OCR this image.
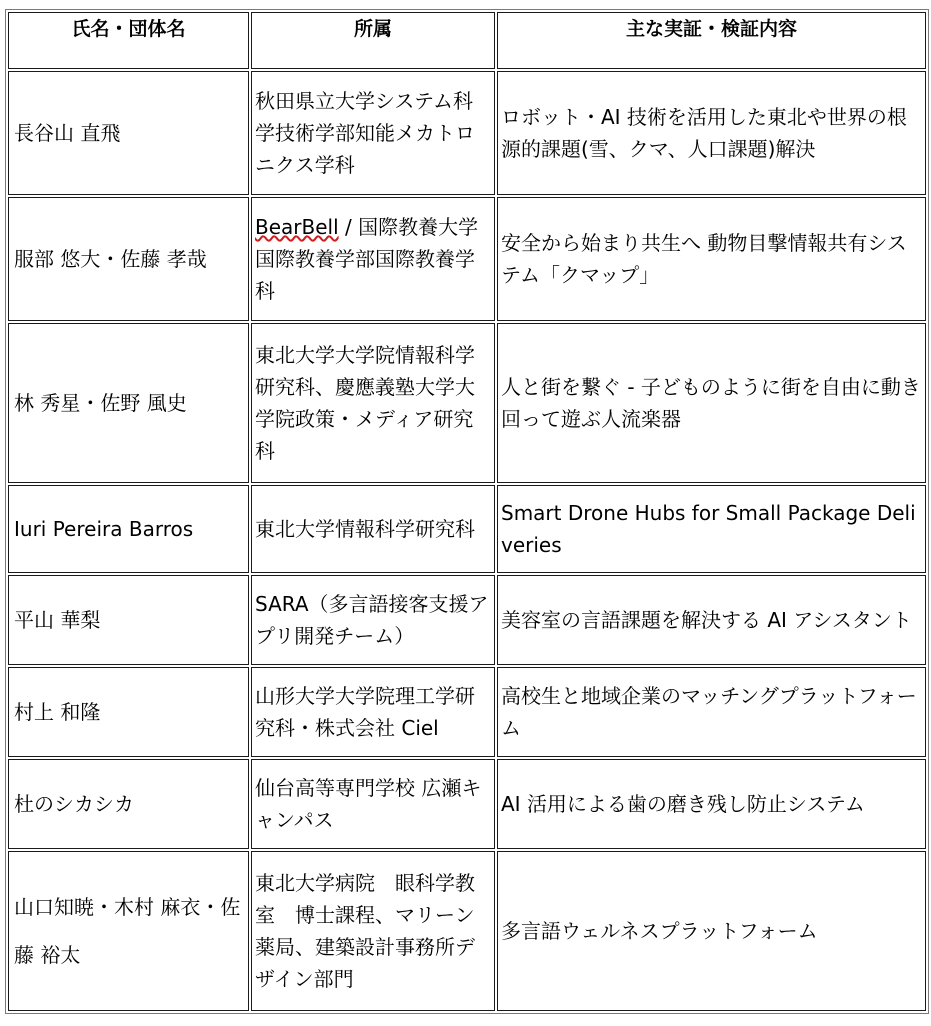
氏名・団体名	所属	主な実証・検証内容
長谷山 直飛	秋田県立大学システム科学技術学部知能メカトロニクス学科	ロボット・AI 技術を活用した東北や世界の根源的課題(雪、クマ、人口課題)解決
服部 悠大・佐藤 孝哉	BearBell / 国際教養大学国際教養学部国際教養学科	安全から始まり共生へ 動物目撃情報共有システム「クマップ」
林 秀星・佐野 風史	東北大学大学院情報科学研究科、慶應義塾大学大学院政策・メディア研究科	人と街を繋ぐ - 子どものように街を自由に動き回って遊ぶ人流楽器
Iuri Pereira Barros	東北大学情報科学研究科	Smart Drone Hubs for Small Package Deliveries
平山 華梨	SARA（多言語接客支援アプリ開発チーム）	美容室の言語課題を解決する AI アシスタント
村上 和隆	山形大学大学院理工学研究科・株式会社 Ciel	高校生と地域企業のマッチングプラットフォーム
杜のシカシカ	仙台高等専門学校 広瀬キャンパス	AI 活用による歯の磨き残し防止システム
山口知暁・木村 麻衣・佐藤 裕太	東北大学病院　眼科学教室　博士課程、マリーン薬局、建築設計事務所デザイン部門	多言語ウェルネスプラットフォーム
